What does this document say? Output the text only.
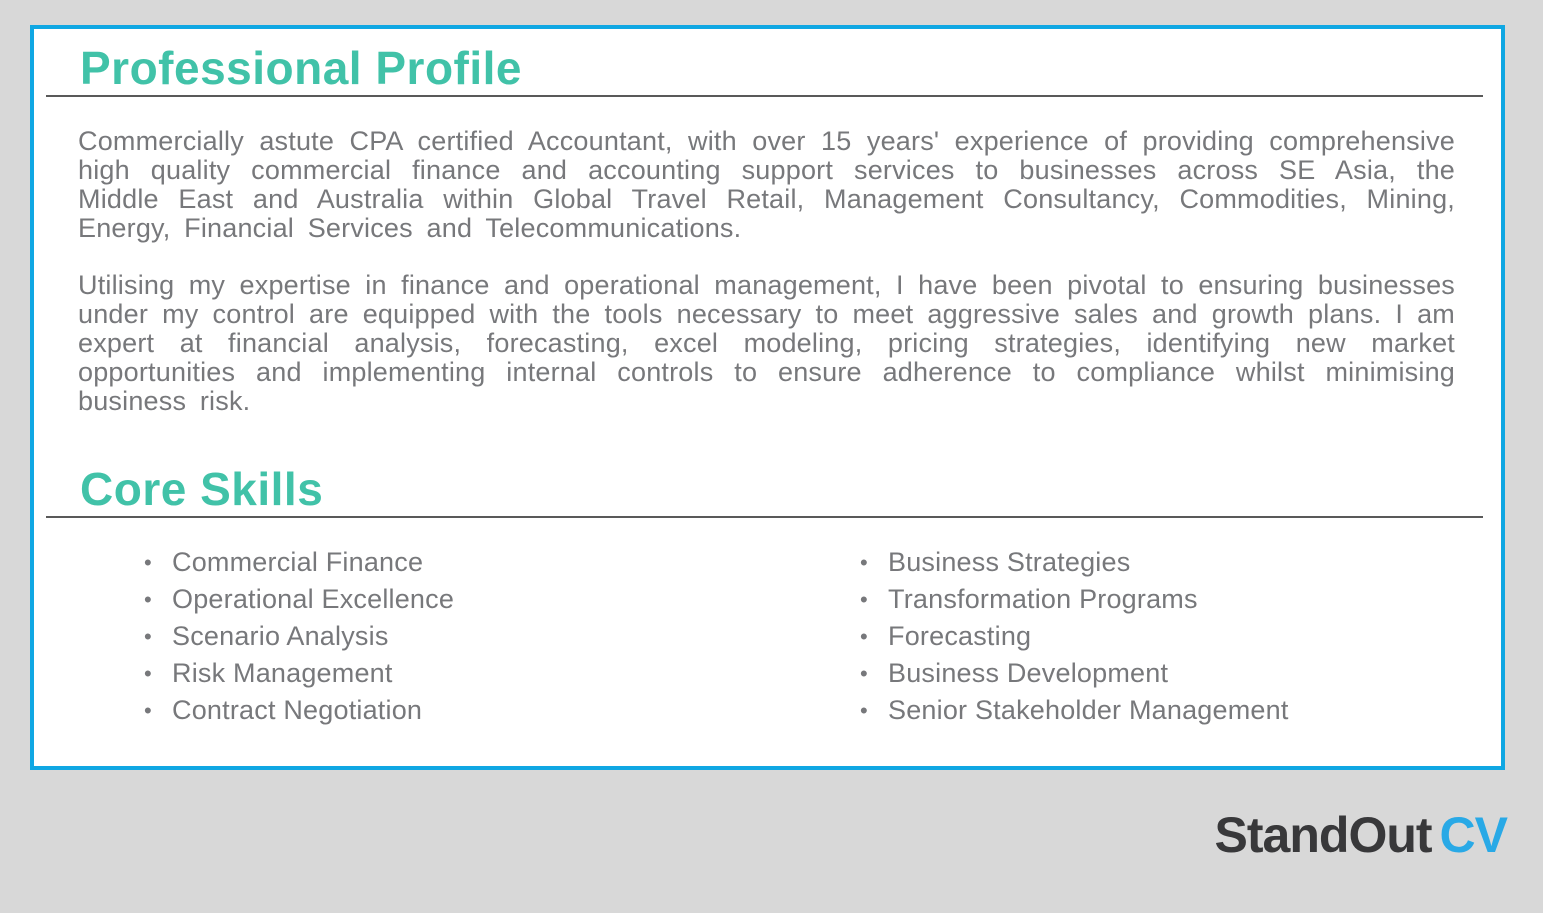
Professional Profile

Commercially astute CPA certified Accountant, with over 15 years' experience of providing comprehensive high quality commercial finance and accounting support services to businesses across SE Asia, the Middle East and Australia within Global Travel Retail, Management Consultancy, Commodities, Mining, Energy, Financial Services and Telecommunications.

Utilising my expertise in finance and operational management, I have been pivotal to ensuring businesses under my control are equipped with the tools necessary to meet aggressive sales and growth plans. I am expert at financial analysis, forecasting, excel modeling, pricing strategies, identifying new market opportunities and implementing internal controls to ensure adherence to compliance whilst minimising business risk.

Core Skills
• Commercial Finance
• Operational Excellence
• Scenario Analysis
• Risk Management
• Contract Negotiation
• Business Strategies
• Transformation Programs
• Forecasting
• Business Development
• Senior Stakeholder Management
StandOut CV
